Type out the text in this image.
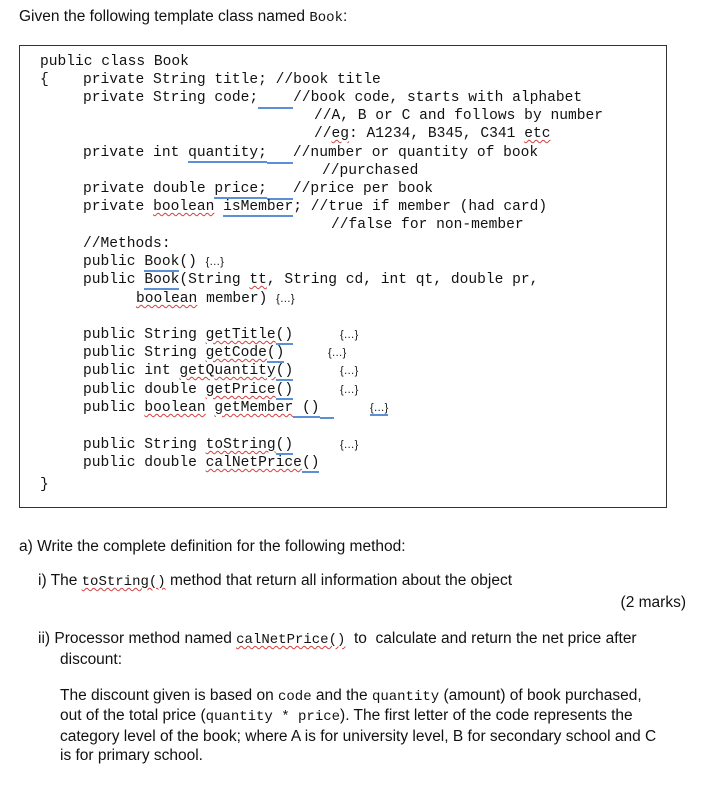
Given the following template class named Book:
public class Book
{ private String title; //book title
private String code; //book code, starts with alphabet
//A, B or C and follows by number
//eg: A1234, B345, C341 etc
private int quantity; //number or quantity of book
//purchased
private double price; //price per book
private boolean isMember; //true if member (had card)
//false for non-member
//Methods:
public Book() {…}
public Book(String tt, String cd, int qt, double pr,
boolean member) {…}
public String getTitle()	{…}
public String getCode()	{…}
public int getQuantity()	{…}
public double getPrice()	{…}
public boolean getMember ()	{…}
public String toString()	{…}
public double calNetPrice()
}
a) Write the complete definition for the following method:
i) The toString() method that return all information about the object
(2 marks)
ii) Processor method named calNetPrice()  to  calculate and return the net price after
discount:
The discount given is based on code and the quantity (amount) of book purchased,
out of the total price (quantity * price). The first letter of the code represents the
category level of the book; where A is for university level, B for secondary school and C
is for primary school.
